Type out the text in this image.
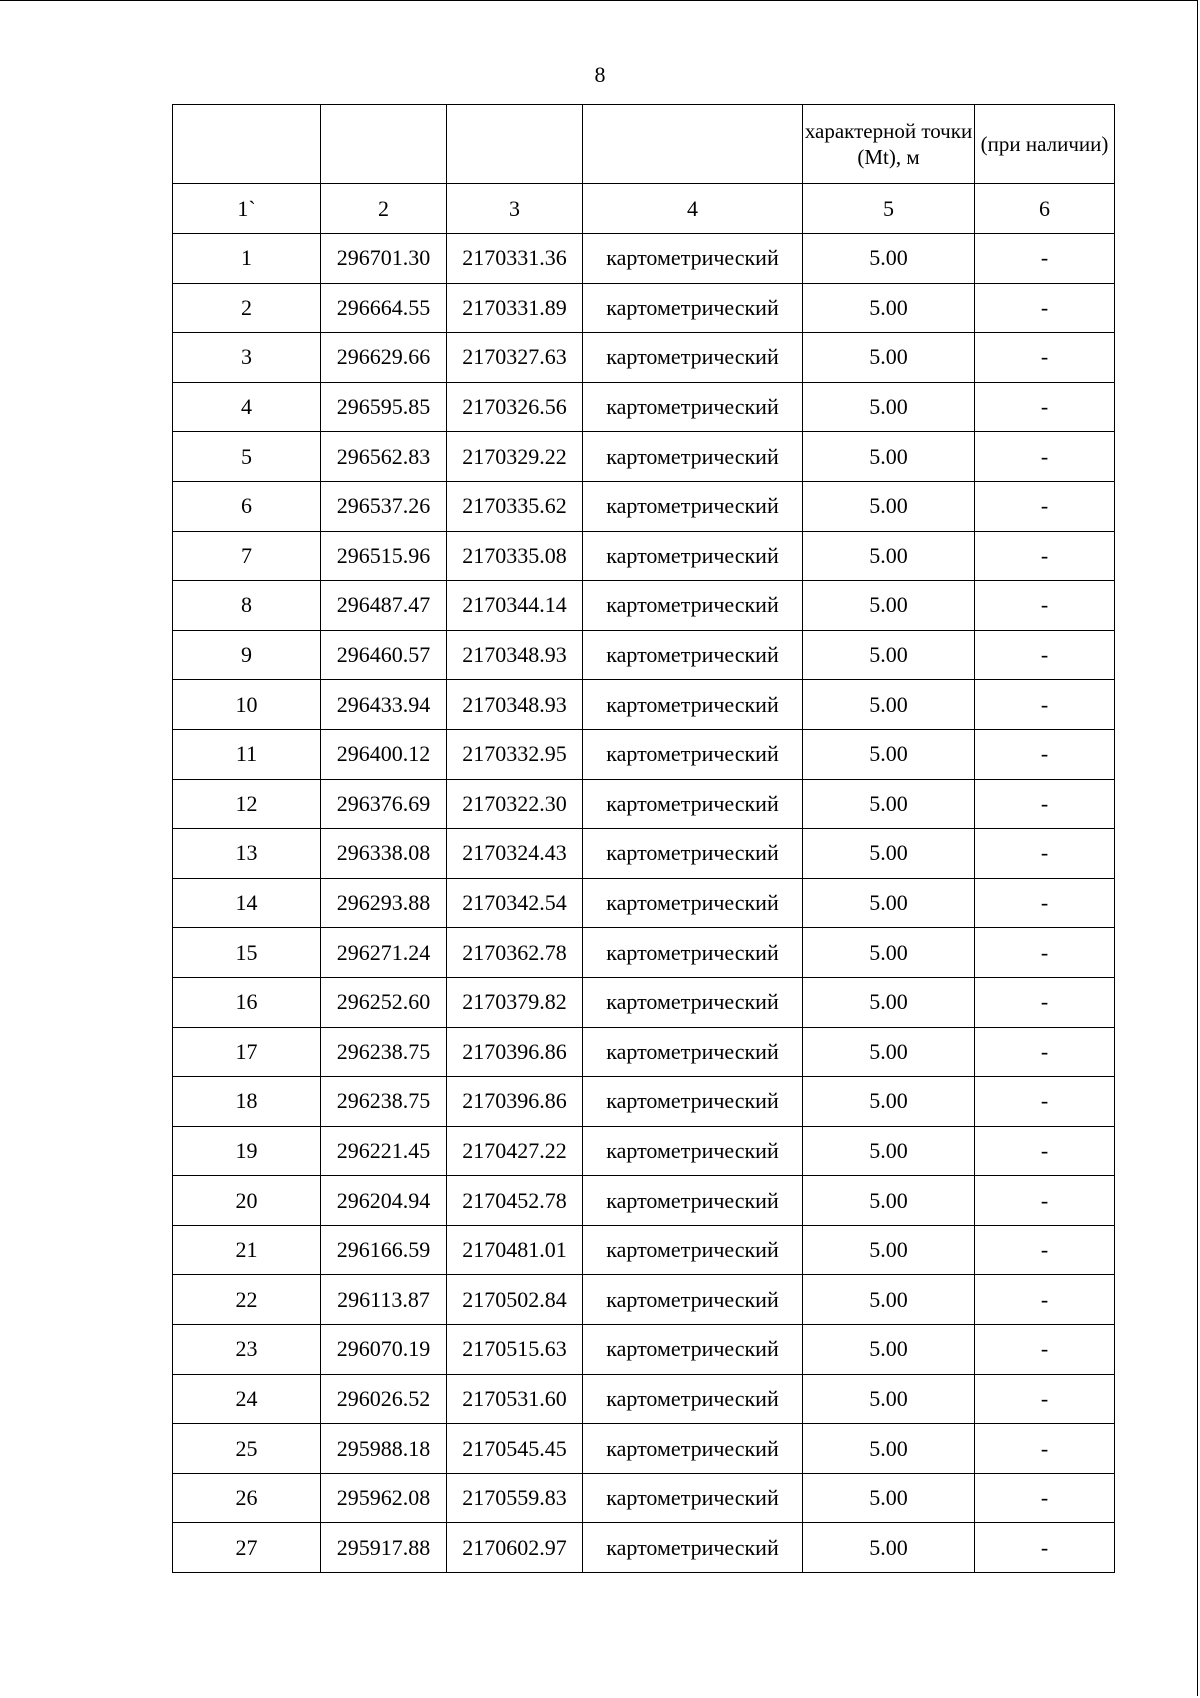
8
				характерной точки (Mt), м	(при наличии)
1`	2	3	4	5	6
1	296701.30	2170331.36	картометрический	5.00	-
2	296664.55	2170331.89	картометрический	5.00	-
3	296629.66	2170327.63	картометрический	5.00	-
4	296595.85	2170326.56	картометрический	5.00	-
5	296562.83	2170329.22	картометрический	5.00	-
6	296537.26	2170335.62	картометрический	5.00	-
7	296515.96	2170335.08	картометрический	5.00	-
8	296487.47	2170344.14	картометрический	5.00	-
9	296460.57	2170348.93	картометрический	5.00	-
10	296433.94	2170348.93	картометрический	5.00	-
11	296400.12	2170332.95	картометрический	5.00	-
12	296376.69	2170322.30	картометрический	5.00	-
13	296338.08	2170324.43	картометрический	5.00	-
14	296293.88	2170342.54	картометрический	5.00	-
15	296271.24	2170362.78	картометрический	5.00	-
16	296252.60	2170379.82	картометрический	5.00	-
17	296238.75	2170396.86	картометрический	5.00	-
18	296238.75	2170396.86	картометрический	5.00	-
19	296221.45	2170427.22	картометрический	5.00	-
20	296204.94	2170452.78	картометрический	5.00	-
21	296166.59	2170481.01	картометрический	5.00	-
22	296113.87	2170502.84	картометрический	5.00	-
23	296070.19	2170515.63	картометрический	5.00	-
24	296026.52	2170531.60	картометрический	5.00	-
25	295988.18	2170545.45	картометрический	5.00	-
26	295962.08	2170559.83	картометрический	5.00	-
27	295917.88	2170602.97	картометрический	5.00	-
